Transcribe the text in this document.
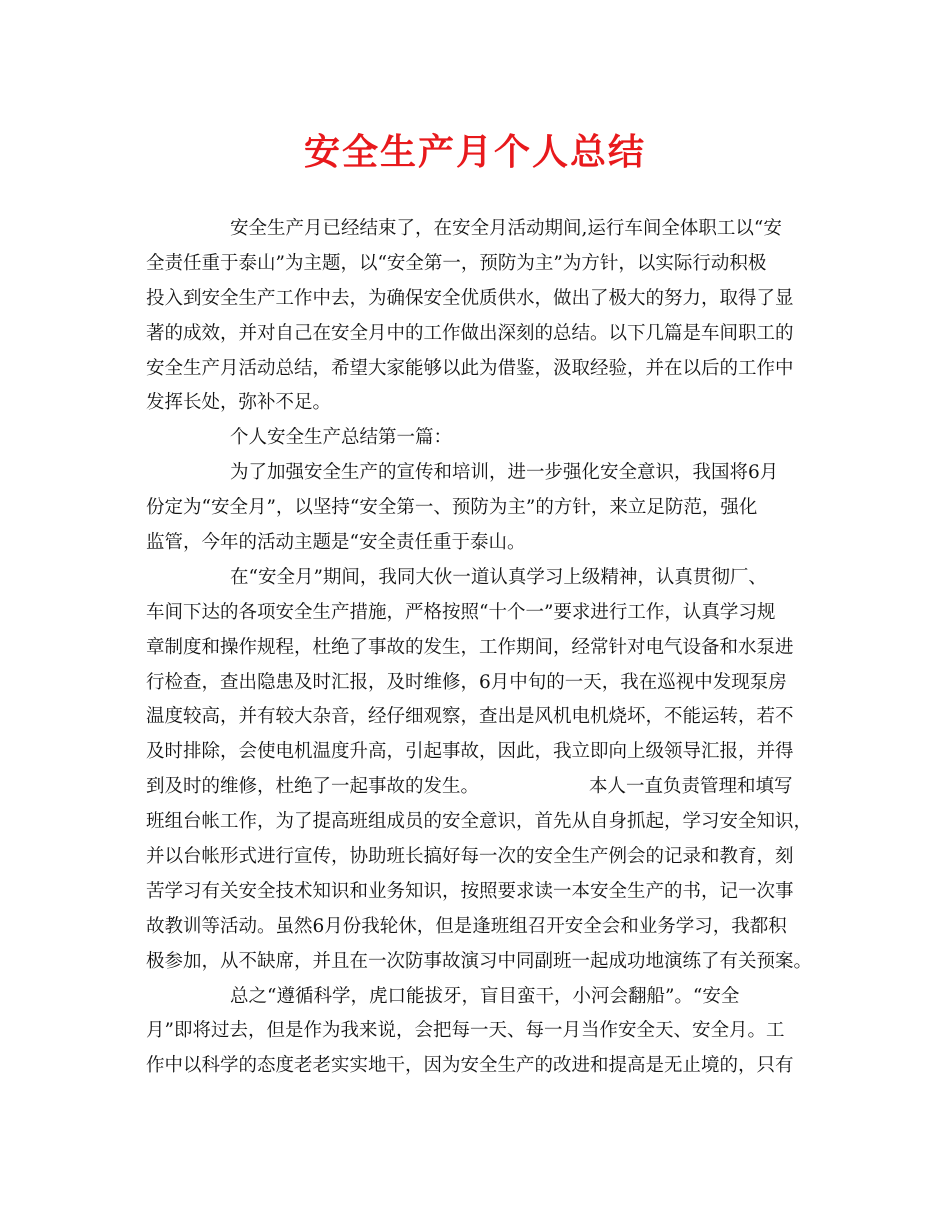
安全生产月个人总结
安全生产月已经结束了，在安全月活动期间,运行车间全体职工以“安
全责任重于泰山”为主题，以“安全第一，预防为主”为方针，以实际行动积极
投入到安全生产工作中去，为确保安全优质供水，做出了极大的努力，取得了显
著的成效，并对自己在安全月中的工作做出深刻的总结。以下几篇是车间职工的
安全生产月活动总结，希望大家能够以此为借鉴，汲取经验，并在以后的工作中
发挥长处，弥补不足。
个人安全生产总结第一篇：
为了加强安全生产的宣传和培训，进一步强化安全意识，我国将6月
份定为“安全月”，以坚持“安全第一、预防为主”的方针，来立足防范，强化
监管，今年的活动主题是“安全责任重于泰山。
在“安全月”期间，我同大伙一道认真学习上级精神，认真贯彻厂、
车间下达的各项安全生产措施，严格按照“十个一”要求进行工作，认真学习规
章制度和操作规程，杜绝了事故的发生，工作期间，经常针对电气设备和水泵进
行检查，查出隐患及时汇报，及时维修，6月中旬的一天，我在巡视中发现泵房
温度较高，并有较大杂音，经仔细观察，查出是风机电机烧坏，不能运转，若不
及时排除，会使电机温度升高，引起事故，因此，我立即向上级领导汇报，并得
到及时的维修，杜绝了一起事故的发生。	本人一直负责管理和填写
班组台帐工作，为了提高班组成员的安全意识，首先从自身抓起，学习安全知识，
并以台帐形式进行宣传，协助班长搞好每一次的安全生产例会的记录和教育，刻
苦学习有关安全技术知识和业务知识，按照要求读一本安全生产的书，记一次事
故教训等活动。虽然6月份我轮休，但是逢班组召开安全会和业务学习，我都积
极参加，从不缺席，并且在一次防事故演习中同副班一起成功地演练了有关预案。
总之“遵循科学，虎口能拔牙，盲目蛮干，小河会翻船”。“安全
月”即将过去，但是作为我来说，会把每一天、每一月当作安全天、安全月。工
作中以科学的态度老老实实地干，因为安全生产的改进和提高是无止境的，只有
